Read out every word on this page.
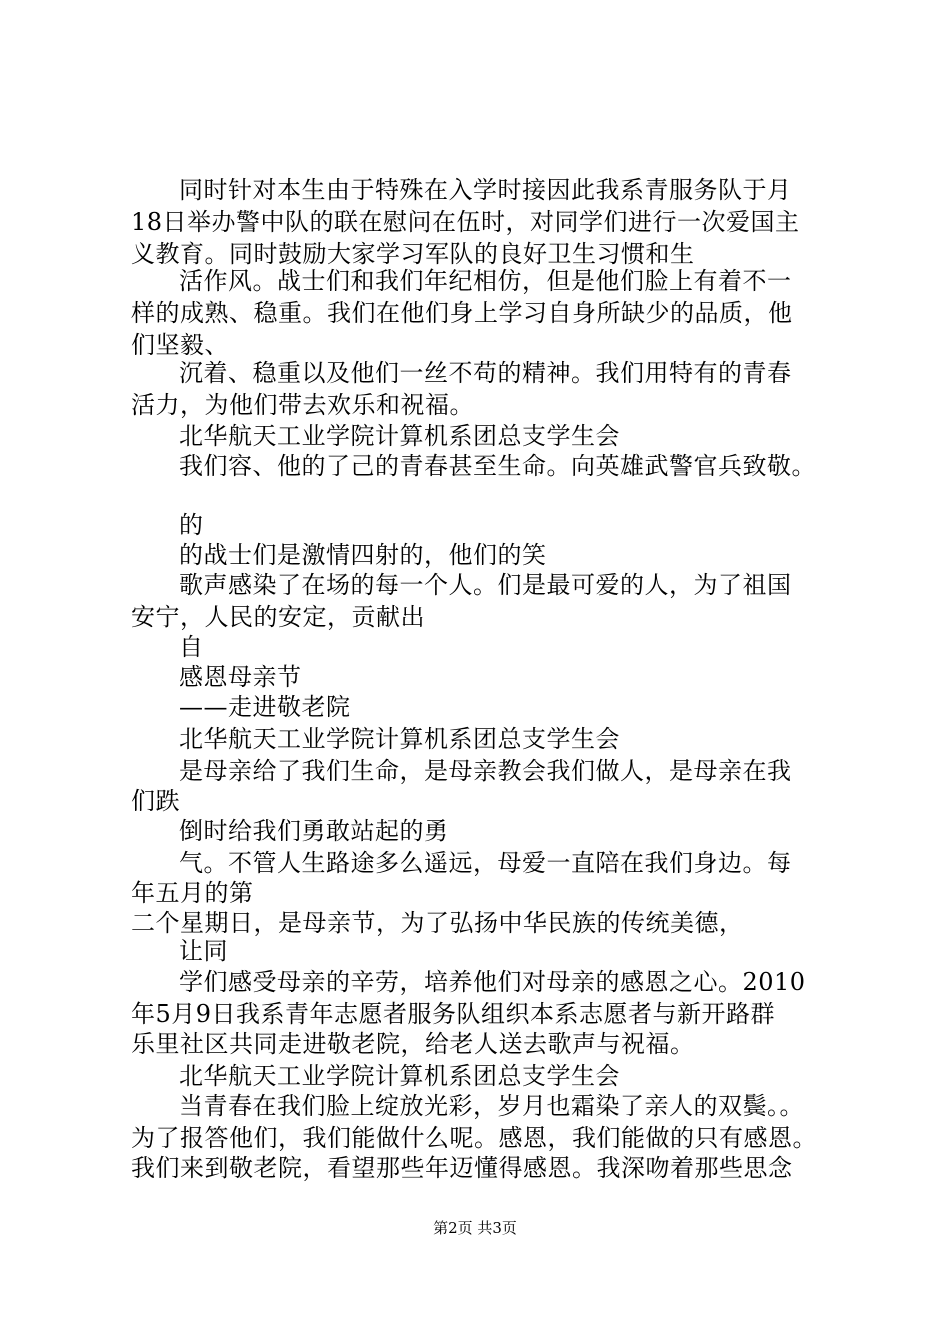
同时针对本生由于特殊在入学时接因此我系青服务队于月
18日举办警中队的联在慰问在伍时，对同学们进行一次爱国主
义教育。同时鼓励大家学习军队的良好卫生习惯和生
活作风。战士们和我们年纪相仿，但是他们脸上有着不一
样的成熟、稳重。我们在他们身上学习自身所缺少的品质，他
们坚毅、
沉着、稳重以及他们一丝不苟的精神。我们用特有的青春
活力，为他们带去欢乐和祝福。
北华航天工业学院计算机系团总支学生会
我们容、他的了己的青春甚至生命。向英雄武警官兵致敬。
的
的战士们是激情四射的，他们的笑
歌声感染了在场的每一个人。们是最可爱的人，为了祖国
安宁，人民的安定，贡献出
自
感恩母亲节
——走进敬老院
北华航天工业学院计算机系团总支学生会
是母亲给了我们生命，是母亲教会我们做人，是母亲在我
们跌
倒时给我们勇敢站起的勇
气。不管人生路途多么遥远，母爱一直陪在我们身边。每
年五月的第
二个星期日，是母亲节，为了弘扬中华民族的传统美德，
让同
学们感受母亲的辛劳，培养他们对母亲的感恩之心。2010
年5月9日我系青年志愿者服务队组织本系志愿者与新开路群
乐里社区共同走进敬老院，给老人送去歌声与祝福。
北华航天工业学院计算机系团总支学生会
当青春在我们脸上绽放光彩，岁月也霜染了亲人的双鬓。。
为了报答他们，我们能做什么呢。感恩，我们能做的只有感恩。
我们来到敬老院，看望那些年迈懂得感恩。我深吻着那些思念
第2页 共3页
